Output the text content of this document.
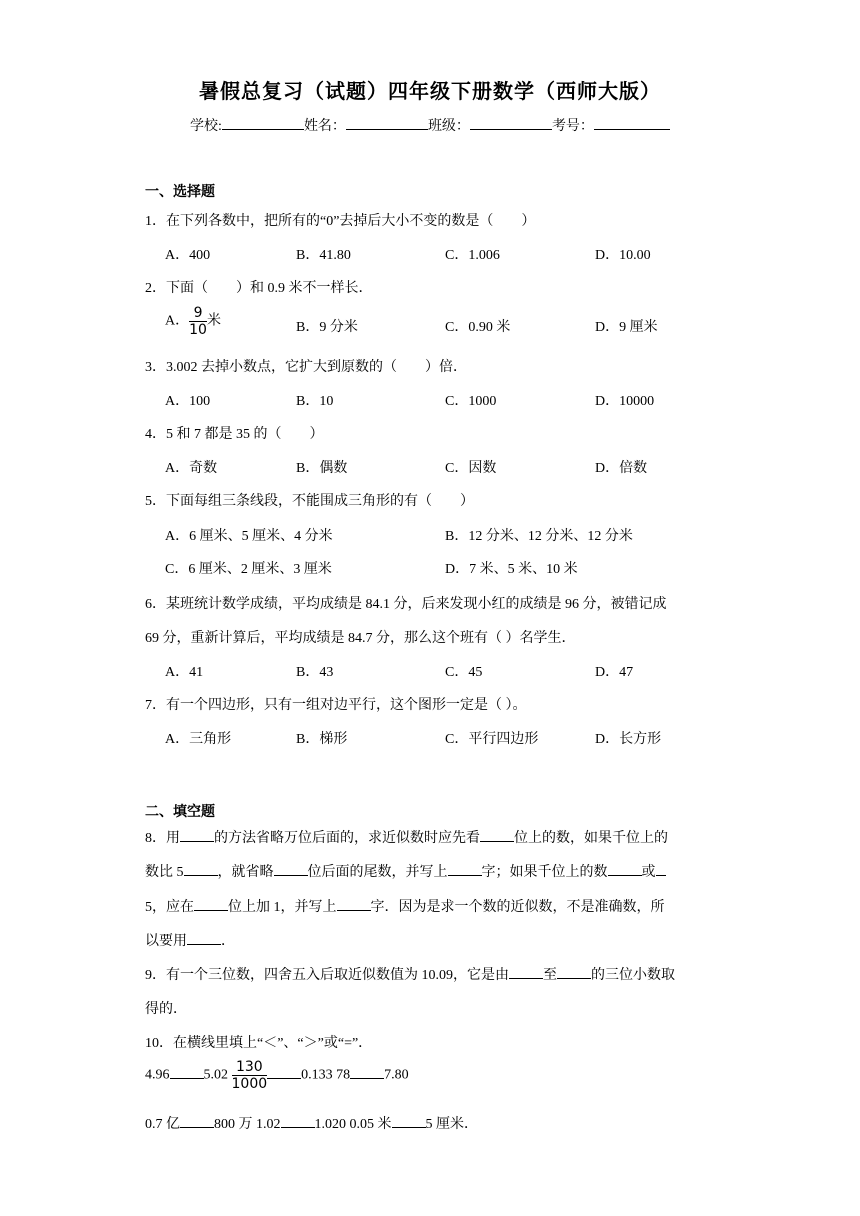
暑假总复习（试题）四年级下册数学（西师大版）
学校:	姓名：	班级：	考号：
一、选择题
1．在下列各数中，把所有的“0”去掉后大小不变的数是（　　）
A．400	B．41.80	C．1.006	D．10.00
2．下面（　　）和 0.9 米不一样长．
A． $\frac{9}{10}$ 米	B．9 分米	C．0.90 米	D．9 厘米
3．3.002 去掉小数点，它扩大到原数的（　　）倍．
A．100	B．10	C．1000	D．10000
4．5 和 7 都是 35 的（　　）
A．奇数	B．偶数	C．因数	D．倍数
5．下面每组三条线段，不能围成三角形的有（　　）
A．6 厘米、5 厘米、4 分米	B．12 分米、12 分米、12 分米
C．6 厘米、2 厘米、3 厘米	D．7 米、5 米、10 米
6．某班统计数学成绩，平均成绩是 84.1 分，后来发现小红的成绩是 96 分，被错记成
69 分，重新计算后，平均成绩是 84.7 分，那么这个班有（ ）名学生．
A．41	B．43	C．45	D．47
7．有一个四边形，只有一组对边平行，这个图形一定是（ ）。
A．三角形	B．梯形	C．平行四边形	D．长方形
二、填空题
8．用 的方法省略万位后面的，求近似数时应先看 位上的数，如果千位上的
数比 5 ，就省略 位后面的尾数，并写上 字；如果千位上的数 或
5，应在 位上加 1，并写上 字．因为是求一个数的近似数，不是准确数，所
以要用 ．
9．有一个三位数，四舍五入后取近似数值为 10.09，它是由 至 的三位小数取
得的．
10．在横线里填上“＜”、“＞”或“=”．
4.96 $5.02 \frac{130}{1000} 0.133$ 78 7.80
0.7 亿 800 万 1.02 1.020 0.05 米 5 厘米．
